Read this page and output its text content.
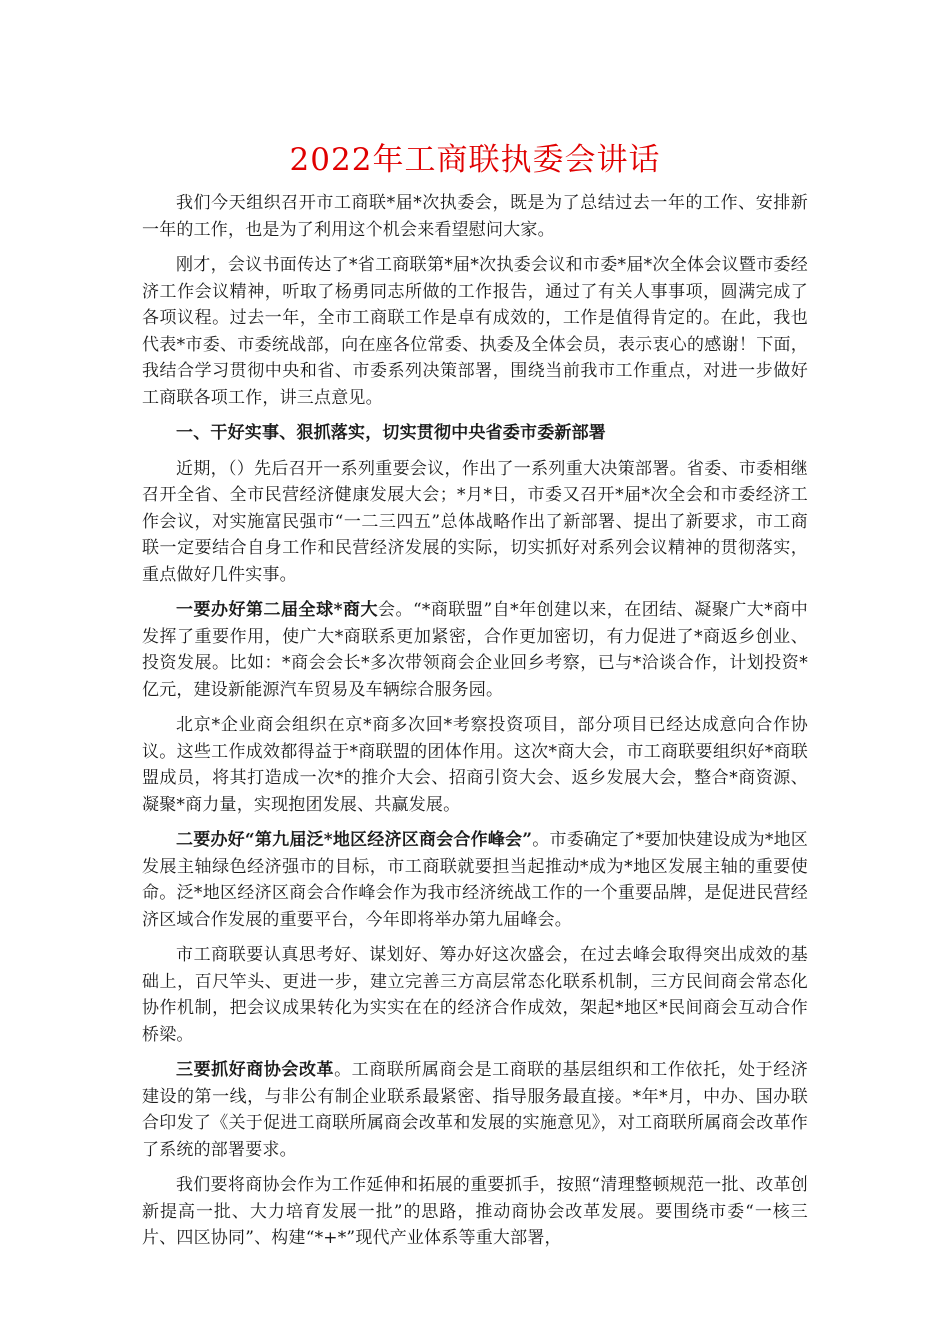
2022年工商联执委会讲话

我们今天组织召开市工商联*届*次执委会，既是为了总结过去一年的工作、安排新一年的工作，也是为了利用这个机会来看望慰问大家。

刚才，会议书面传达了*省工商联第*届*次执委会议和市委*届*次全体会议暨市委经济工作会议精神，听取了杨勇同志所做的工作报告，通过了有关人事事项，圆满完成了各项议程。过去一年，全市工商联工作是卓有成效的，工作是值得肯定的。在此，我也代表*市委、市委统战部，向在座各位常委、执委及全体会员，表示衷心的感谢！下面，我结合学习贯彻中央和省、市委系列决策部署，围绕当前我市工作重点，对进一步做好工商联各项工作，讲三点意见。

一、干好实事、狠抓落实，切实贯彻中央省委市委新部署

近期，（）先后召开一系列重要会议，作出了一系列重大决策部署。省委、市委相继召开全省、全市民营经济健康发展大会；*月*日，市委又召开*届*次全会和市委经济工作会议，对实施富民强市“一二三四五”总体战略作出了新部署、提出了新要求，市工商联一定要结合自身工作和民营经济发展的实际，切实抓好对系列会议精神的贯彻落实，重点做好几件实事。

一要办好第二届全球*商大会。“*商联盟”自*年创建以来，在团结、凝聚广大*商中发挥了重要作用，使广大*商联系更加紧密，合作更加密切，有力促进了*商返乡创业、投资发展。比如：*商会会长*多次带领商会企业回乡考察，已与*洽谈合作，计划投资*亿元，建设新能源汽车贸易及车辆综合服务园。

北京*企业商会组织在京*商多次回*考察投资项目，部分项目已经达成意向合作协议。这些工作成效都得益于*商联盟的团体作用。这次*商大会，市工商联要组织好*商联盟成员，将其打造成一次*的推介大会、招商引资大会、返乡发展大会，整合*商资源、凝聚*商力量，实现抱团发展、共赢发展。

二要办好“第九届泛*地区经济区商会合作峰会”。市委确定了*要加快建设成为*地区发展主轴绿色经济强市的目标，市工商联就要担当起推动*成为*地区发展主轴的重要使命。泛*地区经济区商会合作峰会作为我市经济统战工作的一个重要品牌，是促进民营经济区域合作发展的重要平台，今年即将举办第九届峰会。

市工商联要认真思考好、谋划好、筹办好这次盛会，在过去峰会取得突出成效的基础上，百尺竿头、更进一步，建立完善三方高层常态化联系机制，三方民间商会常态化协作机制，把会议成果转化为实实在在的经济合作成效，架起*地区*民间商会互动合作桥梁。

三要抓好商协会改革。工商联所属商会是工商联的基层组织和工作依托，处于经济建设的第一线，与非公有制企业联系最紧密、指导服务最直接。*年*月，中办、国办联合印发了《关于促进工商联所属商会改革和发展的实施意见》，对工商联所属商会改革作了系统的部署要求。

我们要将商协会作为工作延伸和拓展的重要抓手，按照“清理整顿规范一批、改革创新提高一批、大力培育发展一批”的思路，推动商协会改革发展。要围绕市委“一核三片、四区协同”、构建“*+*”现代产业体系等重大部署，
